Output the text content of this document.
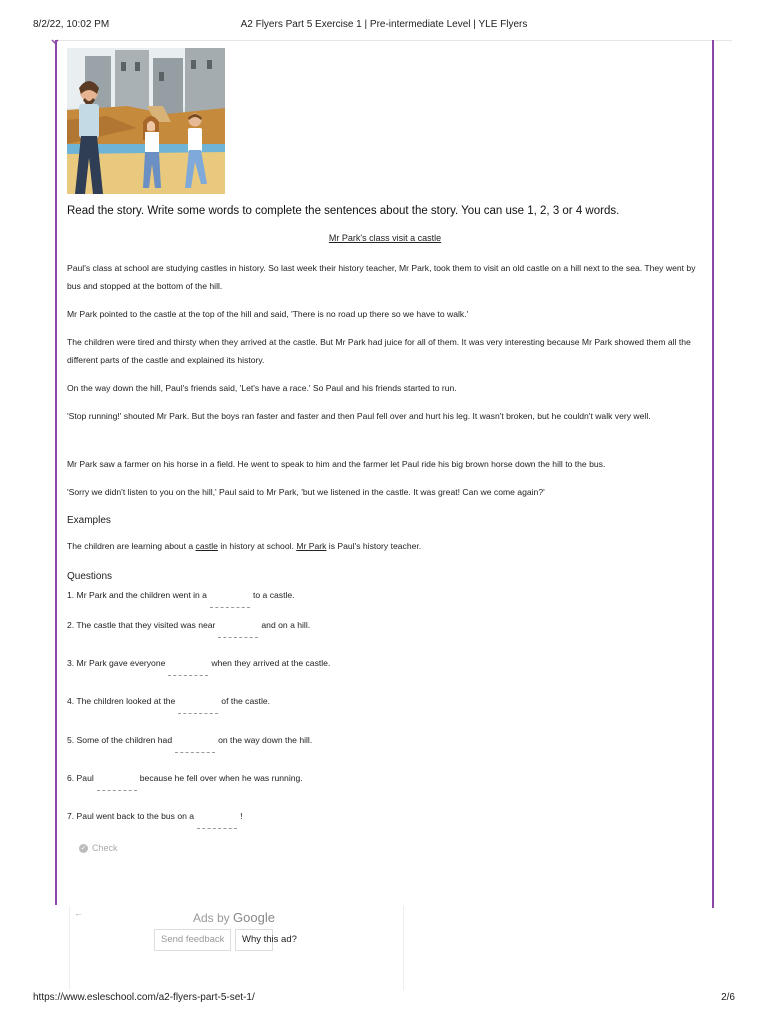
8/2/22, 10:02 PM	A2 Flyers Part 5 Exercise 1 | Pre-intermediate Level | YLE Flyers
Read the story. Write some words to complete the sentences about the story. You can use 1, 2, 3 or 4 words.
Mr Park's class visit a castle
Paul's class at school are studying castles in history. So last week their history teacher, Mr Park, took them to visit an old castle on a hill next to the sea. They went by bus and stopped at the bottom of the hill.
Mr Park pointed to the castle at the top of the hill and said, 'There is no road up there so we have to walk.'
The children were tired and thirsty when they arrived at the castle. But Mr Park had juice for all of them. It was very interesting because Mr Park showed them all the different parts of the castle and explained its history.
On the way down the hill, Paul's friends said, 'Let's have a race.' So Paul and his friends started to run.
'Stop running!' shouted Mr Park. But the boys ran faster and faster and then Paul fell over and hurt his leg. It wasn't broken, but he couldn't walk very well.
Mr Park saw a farmer on his horse in a field. He went to speak to him and the farmer let Paul ride his big brown horse down the hill to the bus.
'Sorry we didn't listen to you on the hill,' Paul said to Mr Park, 'but we listened in the castle. It was great! Can we come again?'
Examples
The children are learning about a castle in history at school. Mr Park is Paul's history teacher.
Questions
1. Mr Park and the children went in a	to a castle.
2. The castle that they visited was near	and on a hill.
3. Mr Park gave everyone	when they arrived at the castle.
4. The children looked at the	of the castle.
5. Some of the children had	on the way down the hill.
6. Paul	because he fell over when he was running.
7. Paul went back to the bus on a	!
✓ Check
←	Ads by Google
Send feedback	Why this ad?
https://www.esleschool.com/a2-flyers-part-5-set-1/	2/6
